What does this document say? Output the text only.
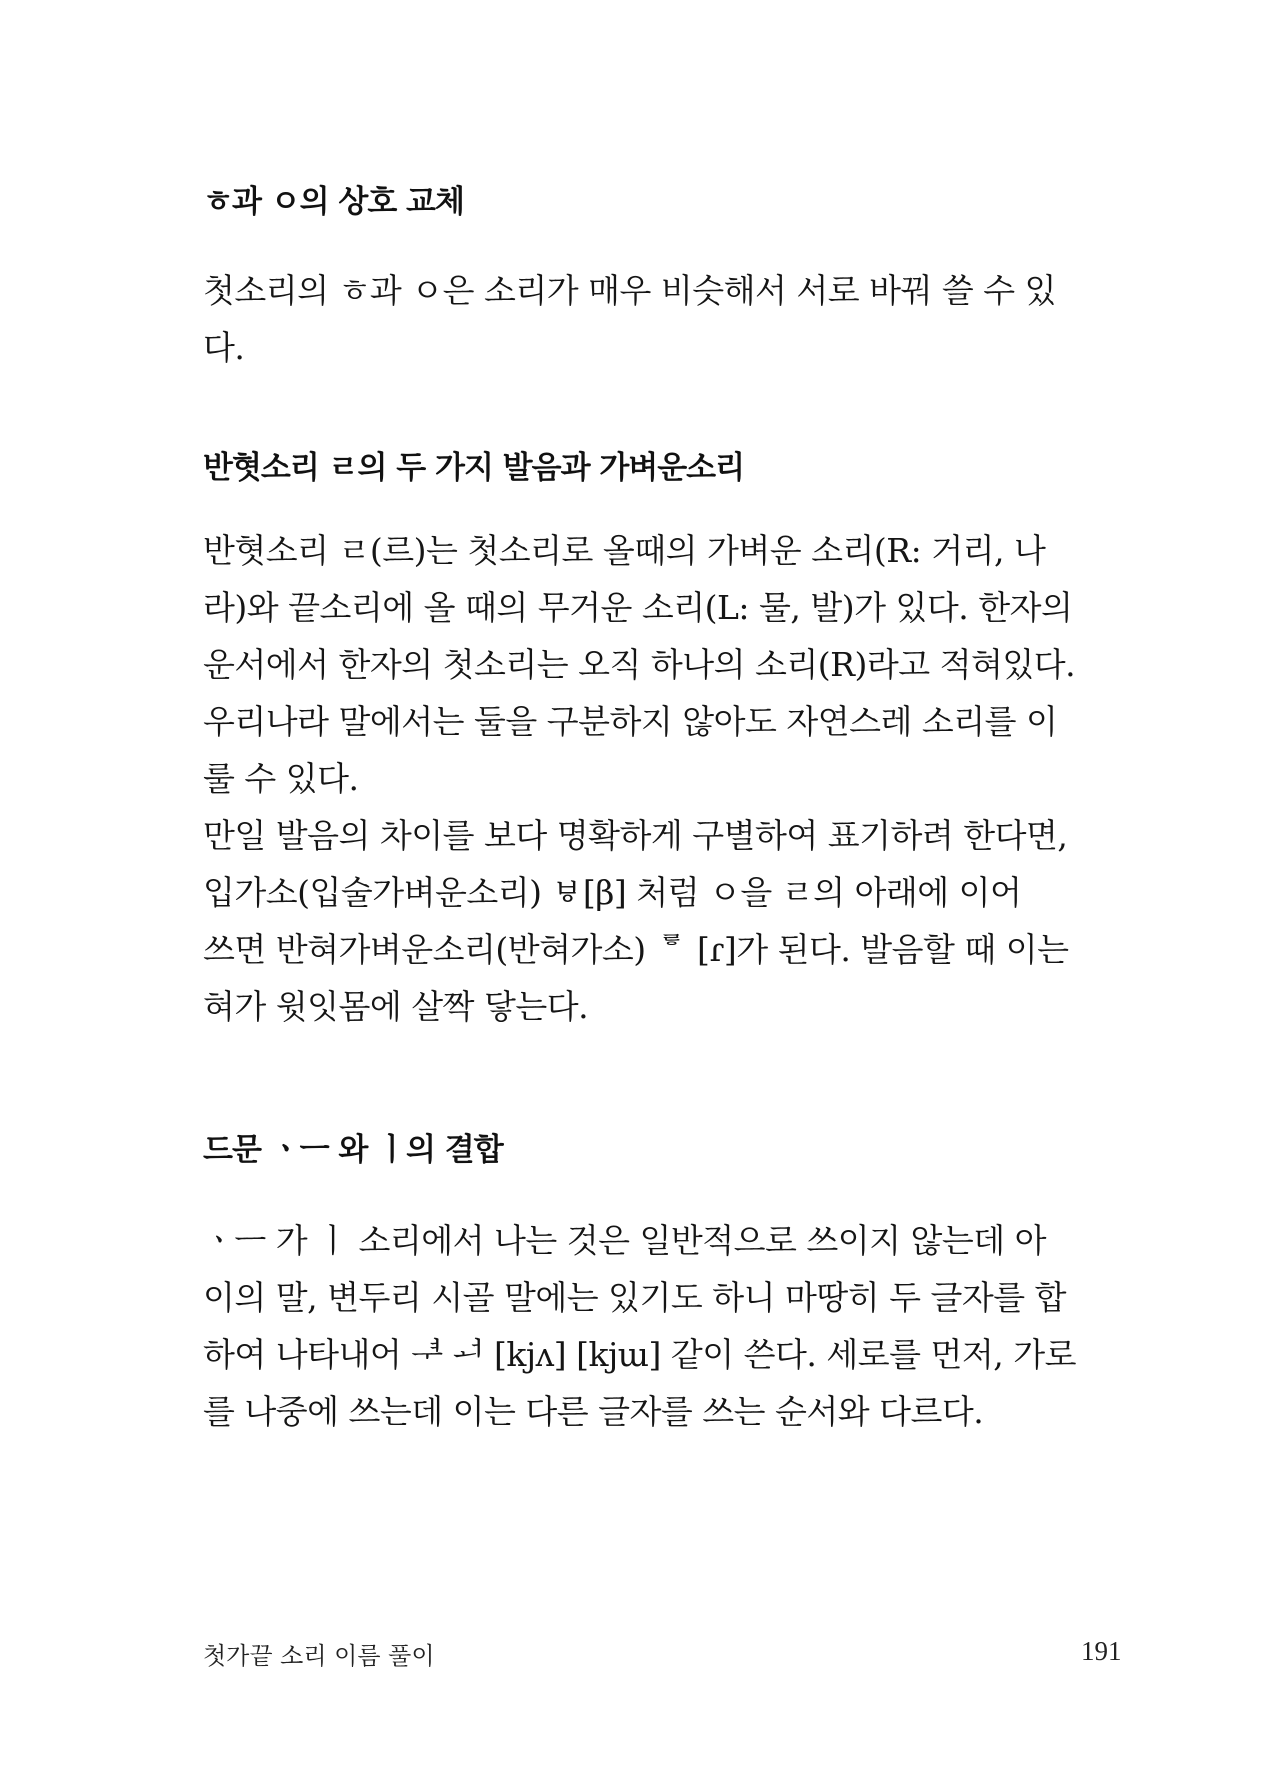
ㅎ과 ㅇ의 상호 교체
첫소리의 ㅎ과 ㅇ은 소리가 매우 비슷해서 서로 바꿔 쓸 수 있
다.
반혓소리 ㄹ의 두 가지 발음과 가벼운소리
반혓소리 ㄹ(르)는 첫소리로 올때의 가벼운 소리(R: 거리, 나
라)와 끝소리에 올 때의 무거운 소리(L: 물, 발)가 있다. 한자의
운서에서 한자의 첫소리는 오직 하나의 소리(R)라고 적혀있다.
우리나라 말에서는 둘을 구분하지 않아도 자연스레 소리를 이
룰 수 있다.
만일 발음의 차이를 보다 명확하게 구별하여 표기하려 한다면,
입가소(입술가벼운소리) ㅸ[β] 처럼 ㅇ을 ㄹ의 아래에 이어
쓰면 반혀가벼운소리(반혀가소) ᄛ [ɾ]가 된다. 발음할 때 이는
혀가 윗잇몸에 살짝 닿는다.
드문 ㆍㅡ 와 ㅣ의 결합
ㆍㅡ 가 ㅣ 소리에서 나는 것은 일반적으로 쓰이지 않는데 아
이의 말, 변두리 시골 말에는 있기도 하니 마땅히 두 글자를 합
하여 나타내어 ᅾ ᅿ [kjʌ] [kjɯ] 같이 쓴다. 세로를 먼저, 가로
를 나중에 쓰는데 이는 다른 글자를 쓰는 순서와 다르다.
첫가끝 소리 이름 풀이	191
